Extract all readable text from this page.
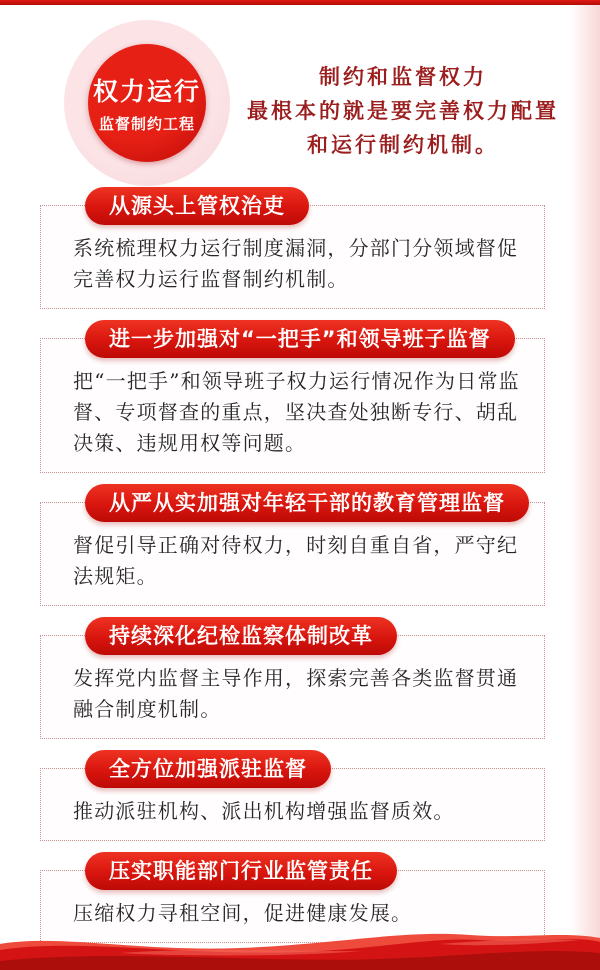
权力运行
监督制约工程
制约和监督权力
最根本的就是要完善权力配置
和运行制约机制。
从源头上管权治吏

系统梳理权力运行制度漏洞，分部门分领域督促完善权力运行监督制约机制。

进一步加强对“一把手”和领导班子监督

把“一把手”和领导班子权力运行情况作为日常监督、专项督查的重点，坚决查处独断专行、胡乱决策、违规用权等问题。

从严从实加强对年轻干部的教育管理监督

督促引导正确对待权力，时刻自重自省，严守纪法规矩。

持续深化纪检监察体制改革

发挥党内监督主导作用，探索完善各类监督贯通融合制度机制。

全方位加强派驻监督

推动派驻机构、派出机构增强监督质效。

压实职能部门行业监管责任

压缩权力寻租空间，促进健康发展。
